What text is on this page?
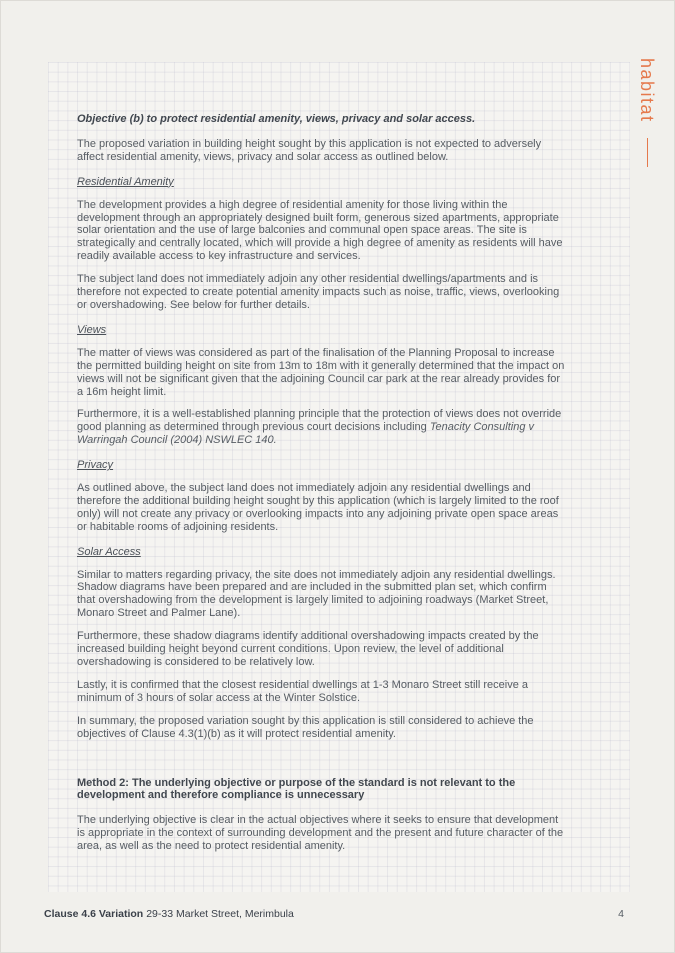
habitat
Objective (b) to protect residential amenity, views, privacy and solar access.
The proposed variation in building height sought by this application is not expected to adversely affect residential amenity, views, privacy and solar access as outlined below.
Residential Amenity
The development provides a high degree of residential amenity for those living within the development through an appropriately designed built form, generous sized apartments, appropriate solar orientation and the use of large balconies and communal open space areas. The site is strategically and centrally located, which will provide a high degree of amenity as residents will have readily available access to key infrastructure and services.
The subject land does not immediately adjoin any other residential dwellings/apartments and is therefore not expected to create potential amenity impacts such as noise, traffic, views, overlooking or overshadowing. See below for further details.
Views
The matter of views was considered as part of the finalisation of the Planning Proposal to increase the permitted building height on site from 13m to 18m with it generally determined that the impact on views will not be significant given that the adjoining Council car park at the rear already provides for a 16m height limit.
Furthermore, it is a well-established planning principle that the protection of views does not override good planning as determined through previous court decisions including Tenacity Consulting v Warringah Council (2004) NSWLEC 140.
Privacy
As outlined above, the subject land does not immediately adjoin any residential dwellings and therefore the additional building height sought by this application (which is largely limited to the roof only) will not create any privacy or overlooking impacts into any adjoining private open space areas or habitable rooms of adjoining residents.
Solar Access
Similar to matters regarding privacy, the site does not immediately adjoin any residential dwellings. Shadow diagrams have been prepared and are included in the submitted plan set, which confirm that overshadowing from the development is largely limited to adjoining roadways (Market Street, Monaro Street and Palmer Lane).
Furthermore, these shadow diagrams identify additional overshadowing impacts created by the increased building height beyond current conditions. Upon review, the level of additional overshadowing is considered to be relatively low.
Lastly, it is confirmed that the closest residential dwellings at 1-3 Monaro Street still receive a minimum of 3 hours of solar access at the Winter Solstice.
In summary, the proposed variation sought by this application is still considered to achieve the objectives of Clause 4.3(1)(b) as it will protect residential amenity.
Method 2: The underlying objective or purpose of the standard is not relevant to the development and therefore compliance is unnecessary
The underlying objective is clear in the actual objectives where it seeks to ensure that development is appropriate in the context of surrounding development and the present and future character of the area, as well as the need to protect residential amenity.
Clause 4.6 Variation 29-33 Market Street, Merimbula	4
